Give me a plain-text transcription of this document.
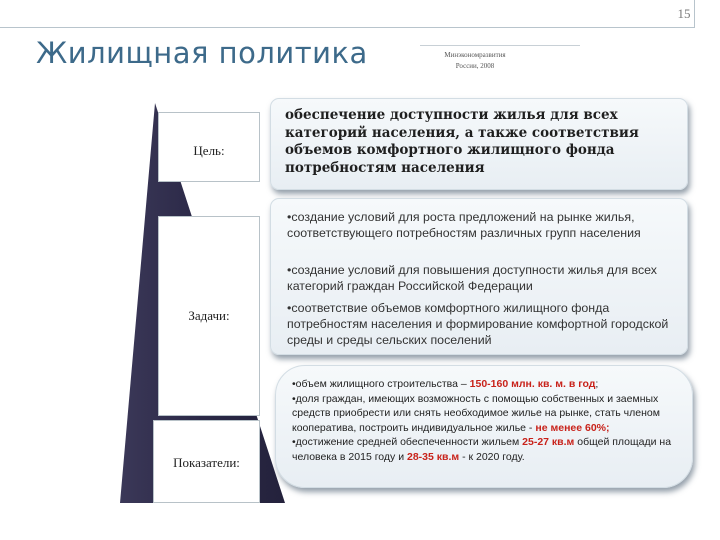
15
Жилищная политика	Минэкономразвития
России, 2008
Цель:
Задачи:
Показатели:
обеспечение доступности жилья для всех категорий населения, а также соответствия объемов комфортного жилищного фонда потребностям населения
•создание условий для роста предложений на рынке жилья, соответствующего потребностям различных групп населения
•создание условий для повышения доступности жилья для всех категорий граждан Российской Федерации
•соответствие объемов комфортного жилищного фонда потребностям населения и формирование комфортной городской среды и среды сельских поселений
•объем жилищного строительства – 150-160 млн. кв. м. в год;
•доля граждан, имеющих возможность с помощью собственных и заемных средств приобрести или снять необходимое жилье на рынке, стать членом кооператива, построить индивидуальное жилье - не менее 60%;
•достижение средней обеспеченности жильем 25-27 кв.м общей площади на человека в 2015 году и 28-35 кв.м - к 2020 году.
